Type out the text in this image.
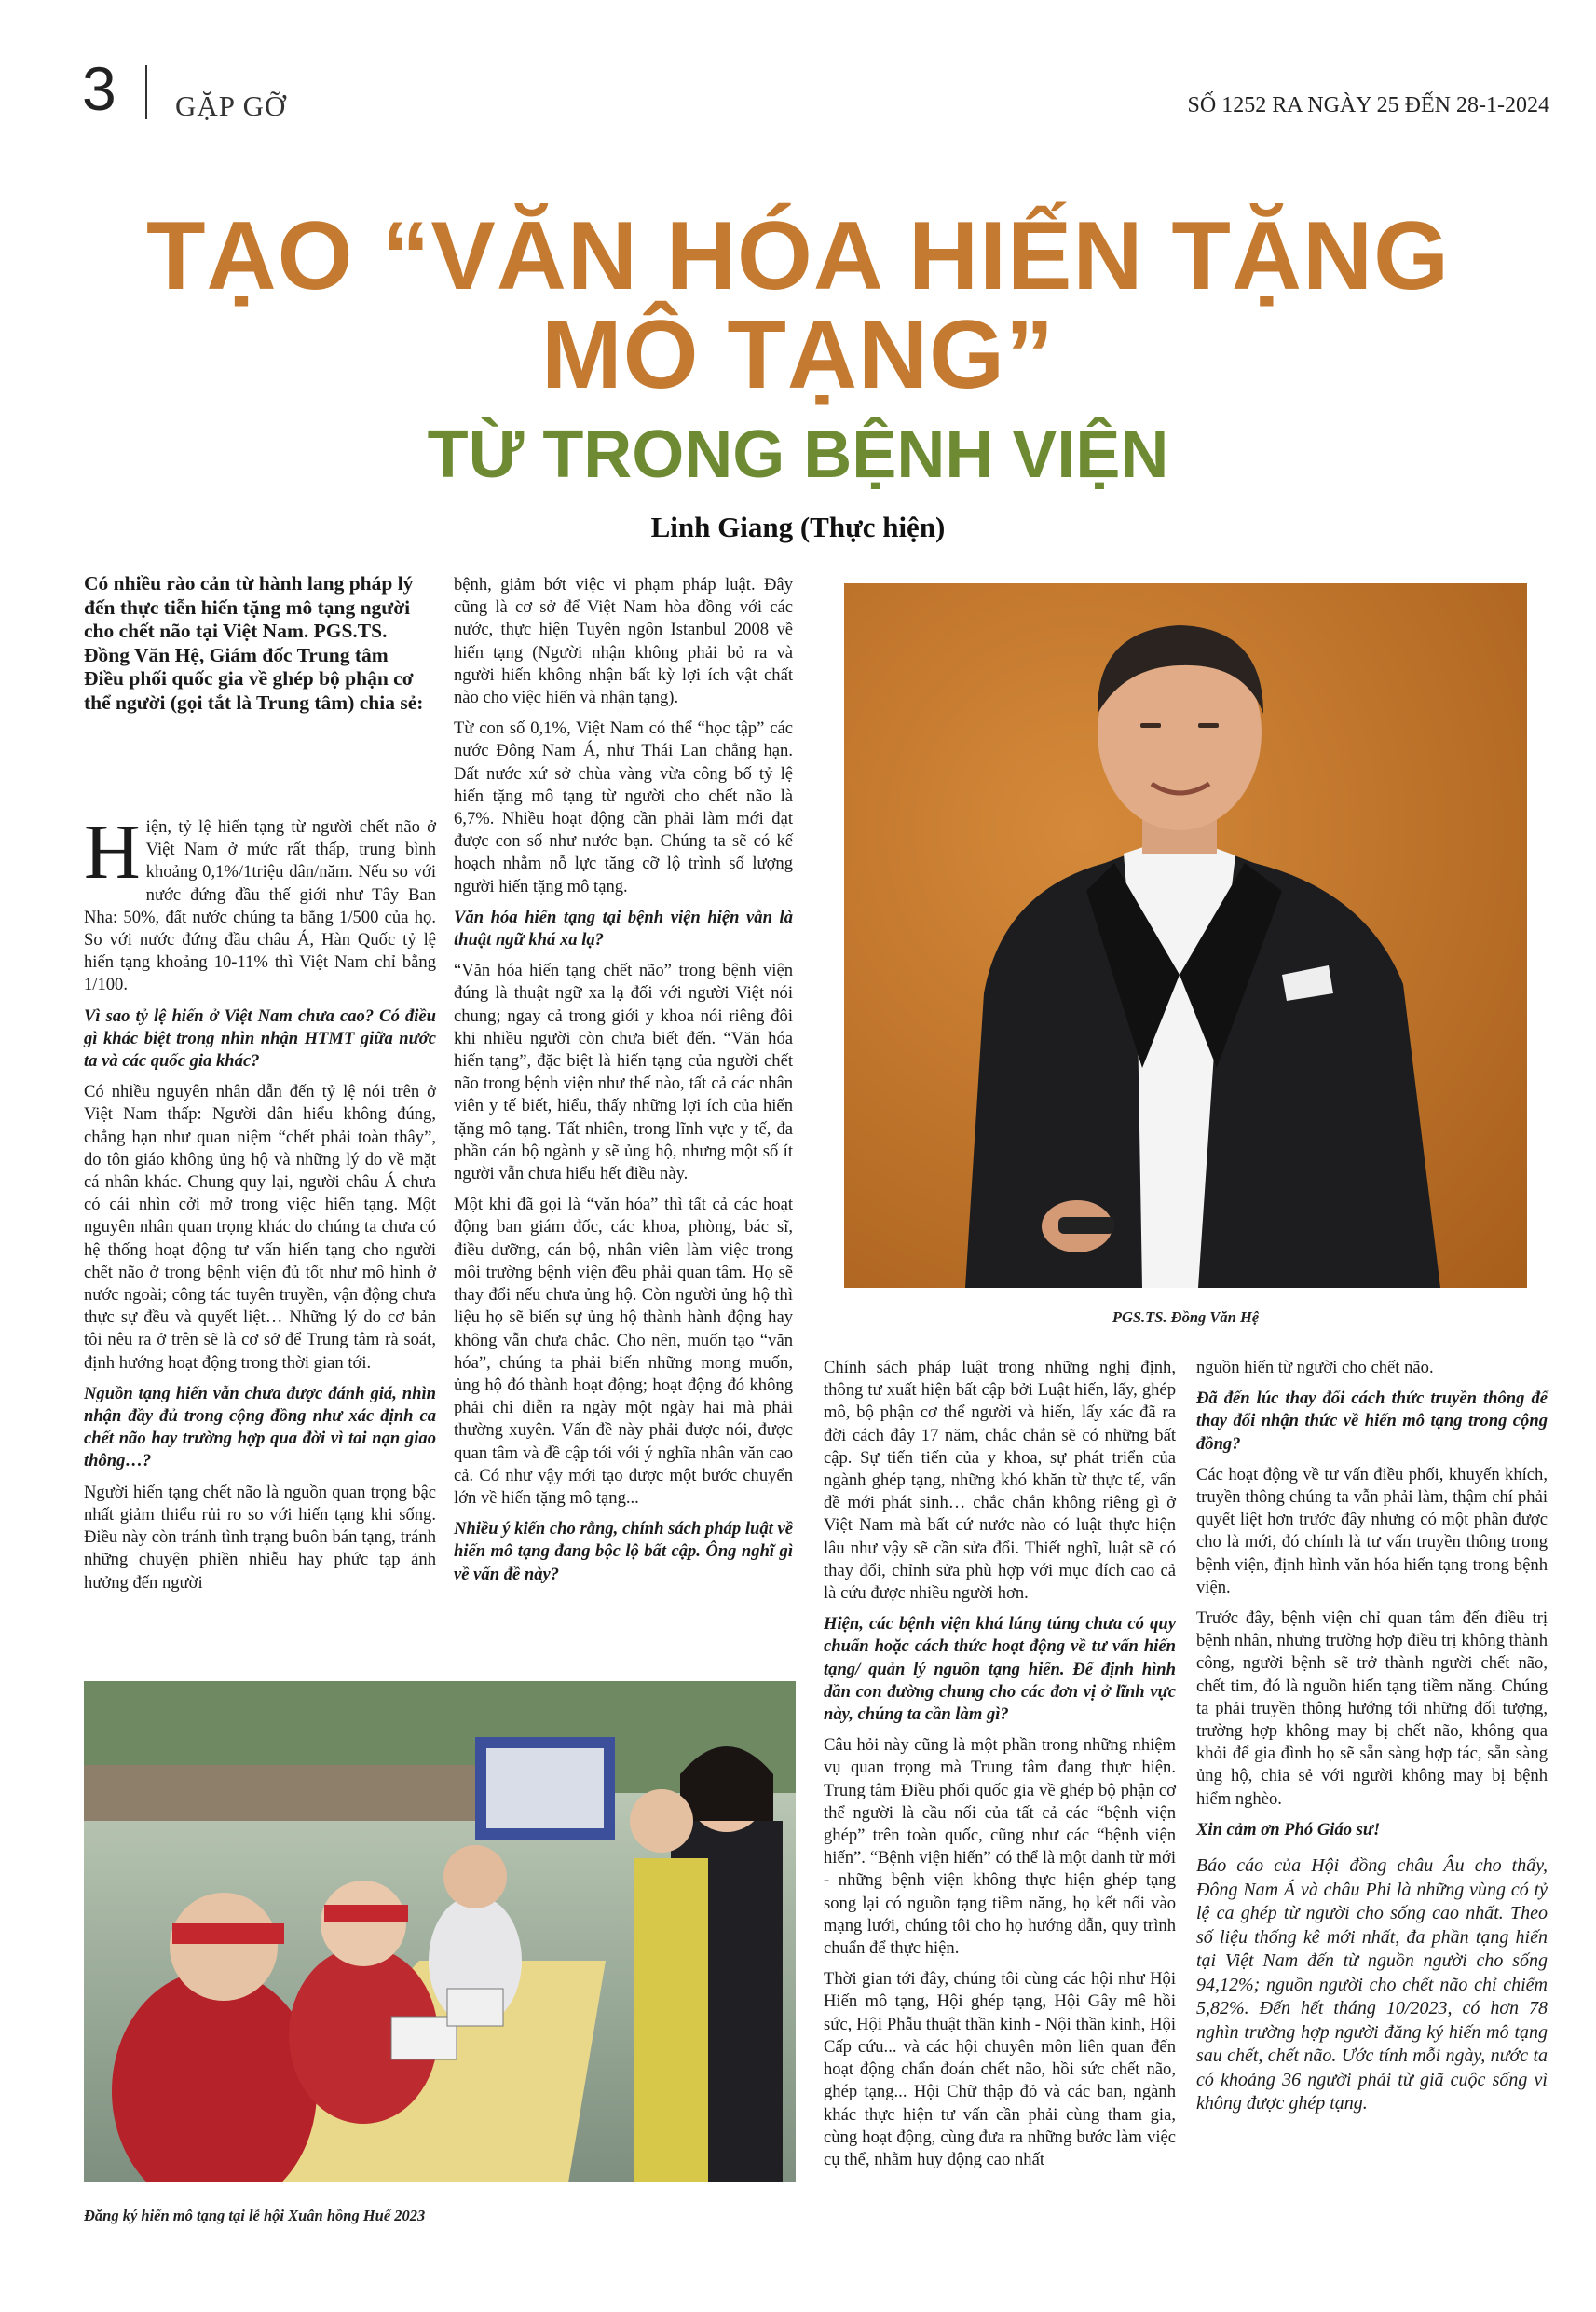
3 GẶP GỠ	SỐ 1252 RA NGÀY 25 ĐẾN 28-1-2024
TẠO “VĂN HÓA HIẾN TẶNG
MÔ TẠNG”
TỪ TRONG BỆNH VIỆN
Linh Giang (Thực hiện)
Có nhiều rào cản từ hành lang pháp lý đến thực tiễn hiến tặng mô tạng người cho chết não tại Việt Nam. PGS.TS. Đồng Văn Hệ, Giám đốc Trung tâm Điều phối quốc gia về ghép bộ phận cơ thể người (gọi tắt là Trung tâm) chia sẻ:

Hiện, tỷ lệ hiến tạng từ người chết não ở Việt Nam ở mức rất thấp, trung bình khoảng 0,1%/1triệu dân/năm. Nếu so với nước đứng đầu thế giới như Tây Ban Nha: 50%, đất nước chúng ta bằng 1/500 của họ. So với nước đứng đầu châu Á, Hàn Quốc tỷ lệ hiến tạng khoảng 10-11% thì Việt Nam chỉ bằng 1/100.

Vì sao tỷ lệ hiến ở Việt Nam chưa cao? Có điều gì khác biệt trong nhìn nhận HTMT giữa nước ta và các quốc gia khác?

Có nhiều nguyên nhân dẫn đến tỷ lệ nói trên ở Việt Nam thấp: Người dân hiểu không đúng, chẳng hạn như quan niệm “chết phải toàn thây”, do tôn giáo không ủng hộ và những lý do về mặt cá nhân khác. Chung quy lại, người châu Á chưa có cái nhìn cởi mở trong việc hiến tạng. Một nguyên nhân quan trọng khác do chúng ta chưa có hệ thống hoạt động tư vấn hiến tạng cho người chết não ở trong bệnh viện đủ tốt như mô hình ở nước ngoài; công tác tuyên truyền, vận động chưa thực sự đều và quyết liệt… Những lý do cơ bản tôi nêu ra ở trên sẽ là cơ sở để Trung tâm rà soát, định hướng hoạt động trong thời gian tới.

Nguồn tạng hiến vẫn chưa được đánh giá, nhìn nhận đầy đủ trong cộng đồng như xác định ca chết não hay trường hợp qua đời vì tai nạn giao thông…?

Người hiến tạng chết não là nguồn quan trọng bậc nhất giảm thiểu rủi ro so với hiến tạng khi sống. Điều này còn tránh tình trạng buôn bán tạng, tránh những chuyện phiền nhiễu hay phức tạp ảnh hưởng đến người

bệnh, giảm bớt việc vi phạm pháp luật. Đây cũng là cơ sở để Việt Nam hòa đồng với các nước, thực hiện Tuyên ngôn Istanbul 2008 về hiến tạng (Người nhận không phải bỏ ra và người hiến không nhận bất kỳ lợi ích vật chất nào cho việc hiến và nhận tạng).

Từ con số 0,1%, Việt Nam có thể “học tập” các nước Đông Nam Á, như Thái Lan chẳng hạn. Đất nước xứ sở chùa vàng vừa công bố tỷ lệ hiến tặng mô tạng từ người cho chết não là 6,7%. Nhiều hoạt động cần phải làm mới đạt được con số như nước bạn. Chúng ta sẽ có kế hoạch nhằm nỗ lực tăng cỡ lộ trình số lượng người hiến tặng mô tạng.

Văn hóa hiến tạng tại bệnh viện hiện vẫn là thuật ngữ khá xa lạ?

“Văn hóa hiến tạng chết não” trong bệnh viện đúng là thuật ngữ xa lạ đối với người Việt nói chung; ngay cả trong giới y khoa nói riêng đôi khi nhiều người còn chưa biết đến. “Văn hóa hiến tạng”, đặc biệt là hiến tạng của người chết não trong bệnh viện như thế nào, tất cả các nhân viên y tế biết, hiểu, thấy những lợi ích của hiến tặng mô tạng. Tất nhiên, trong lĩnh vực y tế, đa phần cán bộ ngành y sẽ ủng hộ, nhưng một số ít người vẫn chưa hiểu hết điều này.

Một khi đã gọi là “văn hóa” thì tất cả các hoạt động ban giám đốc, các khoa, phòng, bác sĩ, điều dưỡng, cán bộ, nhân viên làm việc trong môi trường bệnh viện đều phải quan tâm. Họ sẽ thay đổi nếu chưa ủng hộ. Còn người ủng hộ thì liệu họ sẽ biến sự ủng hộ thành hành động hay không vẫn chưa chắc. Cho nên, muốn tạo “văn hóa”, chúng ta phải biến những mong muốn, ủng hộ đó thành hoạt động; hoạt động đó không phải chỉ diễn ra ngày một ngày hai mà phải thường xuyên. Vấn đề này phải được nói, được quan tâm và đề cập tới với ý nghĩa nhân văn cao cả. Có như vậy mới tạo được một bước chuyển lớn về hiến tặng mô tạng...

Nhiều ý kiến cho rằng, chính sách pháp luật về hiến mô tạng đang bộc lộ bất cập. Ông nghĩ gì về vấn đề này?

PGS.TS. Đồng Văn Hệ
Đăng ký hiến mô tạng tại lễ hội Xuân hồng Huế 2023

Chính sách pháp luật trong những nghị định, thông tư xuất hiện bất cập bởi Luật hiến, lấy, ghép mô, bộ phận cơ thể người và hiến, lấy xác đã ra đời cách đây 17 năm, chắc chắn sẽ có những bất cập. Sự tiến tiến của y khoa, sự phát triển của ngành ghép tạng, những khó khăn từ thực tế, vấn đề mới phát sinh… chắc chắn không riêng gì ở Việt Nam mà bất cứ nước nào có luật thực hiện lâu như vậy sẽ cần sửa đổi. Thiết nghĩ, luật sẽ có thay đổi, chỉnh sửa phù hợp với mục đích cao cả là cứu được nhiều người hơn.

Hiện, các bệnh viện khá lúng túng chưa có quy chuẩn hoặc cách thức hoạt động về tư vấn hiến tạng/ quản lý nguồn tạng hiến. Để định hình dần con đường chung cho các đơn vị ở lĩnh vực này, chúng ta cần làm gì?

Câu hỏi này cũng là một phần trong những nhiệm vụ quan trọng mà Trung tâm đang thực hiện. Trung tâm Điều phối quốc gia về ghép bộ phận cơ thể người là cầu nối của tất cả các “bệnh viện ghép” trên toàn quốc, cũng như các “bệnh viện hiến”. “Bệnh viện hiến” có thể là một danh từ mới - những bệnh viện không thực hiện ghép tạng song lại có nguồn tạng tiềm năng, họ kết nối vào mạng lưới, chúng tôi cho họ hướng dẫn, quy trình chuẩn để thực hiện.

Thời gian tới đây, chúng tôi cùng các hội như Hội Hiến mô tạng, Hội ghép tạng, Hội Gây mê hồi sức, Hội Phẫu thuật thần kinh - Nội thần kinh, Hội Cấp cứu... và các hội chuyên môn liên quan đến hoạt động chẩn đoán chết não, hồi sức chết não, ghép tạng... Hội Chữ thập đỏ và các ban, ngành khác thực hiện tư vấn cần phải cùng tham gia, cùng hoạt động, cùng đưa ra những bước làm việc cụ thể, nhằm huy động cao nhất

nguồn hiến từ người cho chết não.

Đã đến lúc thay đổi cách thức truyền thông để thay đổi nhận thức về hiến mô tạng trong cộng đồng?

Các hoạt động về tư vấn điều phối, khuyến khích, truyền thông chúng ta vẫn phải làm, thậm chí phải quyết liệt hơn trước đây nhưng có một phần được cho là mới, đó chính là tư vấn truyền thông trong bệnh viện, định hình văn hóa hiến tạng trong bệnh viện.

Trước đây, bệnh viện chỉ quan tâm đến điều trị bệnh nhân, nhưng trường hợp điều trị không thành công, người bệnh sẽ trở thành người chết não, chết tim, đó là nguồn hiến tạng tiềm năng. Chúng ta phải truyền thông hướng tới những đối tượng, trường hợp không may bị chết não, không qua khỏi để gia đình họ sẽ sẵn sàng hợp tác, sẵn sàng ủng hộ, chia sẻ với người không may bị bệnh hiểm nghèo.

Xin cảm ơn Phó Giáo sư!

Báo cáo của Hội đồng châu Âu cho thấy, Đông Nam Á và châu Phi là những vùng có tỷ lệ ca ghép từ người cho sống cao nhất. Theo số liệu thống kê mới nhất, đa phần tạng hiến tại Việt Nam đến từ nguồn người cho sống 94,12%; nguồn người cho chết não chỉ chiếm 5,82%. Đến hết tháng 10/2023, có hơn 78 nghìn trường hợp người đăng ký hiến mô tạng sau chết, chết não. Ước tính mỗi ngày, nước ta có khoảng 36 người phải từ giã cuộc sống vì không được ghép tạng.
